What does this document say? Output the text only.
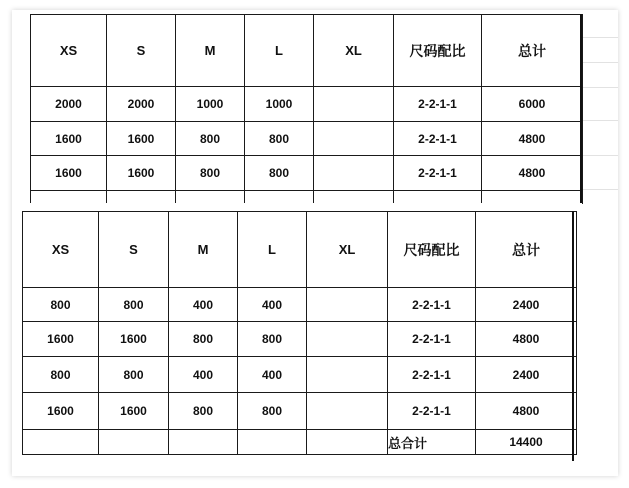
XS	S	M	L	XL	尺码配比	总计
2000	2000	1000	1000		2-2-1-1	6000
1600	1600	800	800		2-2-1-1	4800
1600	1600	800	800		2-2-1-1	4800

XS	S	M	L	XL	尺码配比	总计
800	800	400	400		2-2-1-1	2400
1600	1600	800	800		2-2-1-1	4800
800	800	400	400		2-2-1-1	2400
1600	1600	800	800		2-2-1-1	4800
					总合计	14400
